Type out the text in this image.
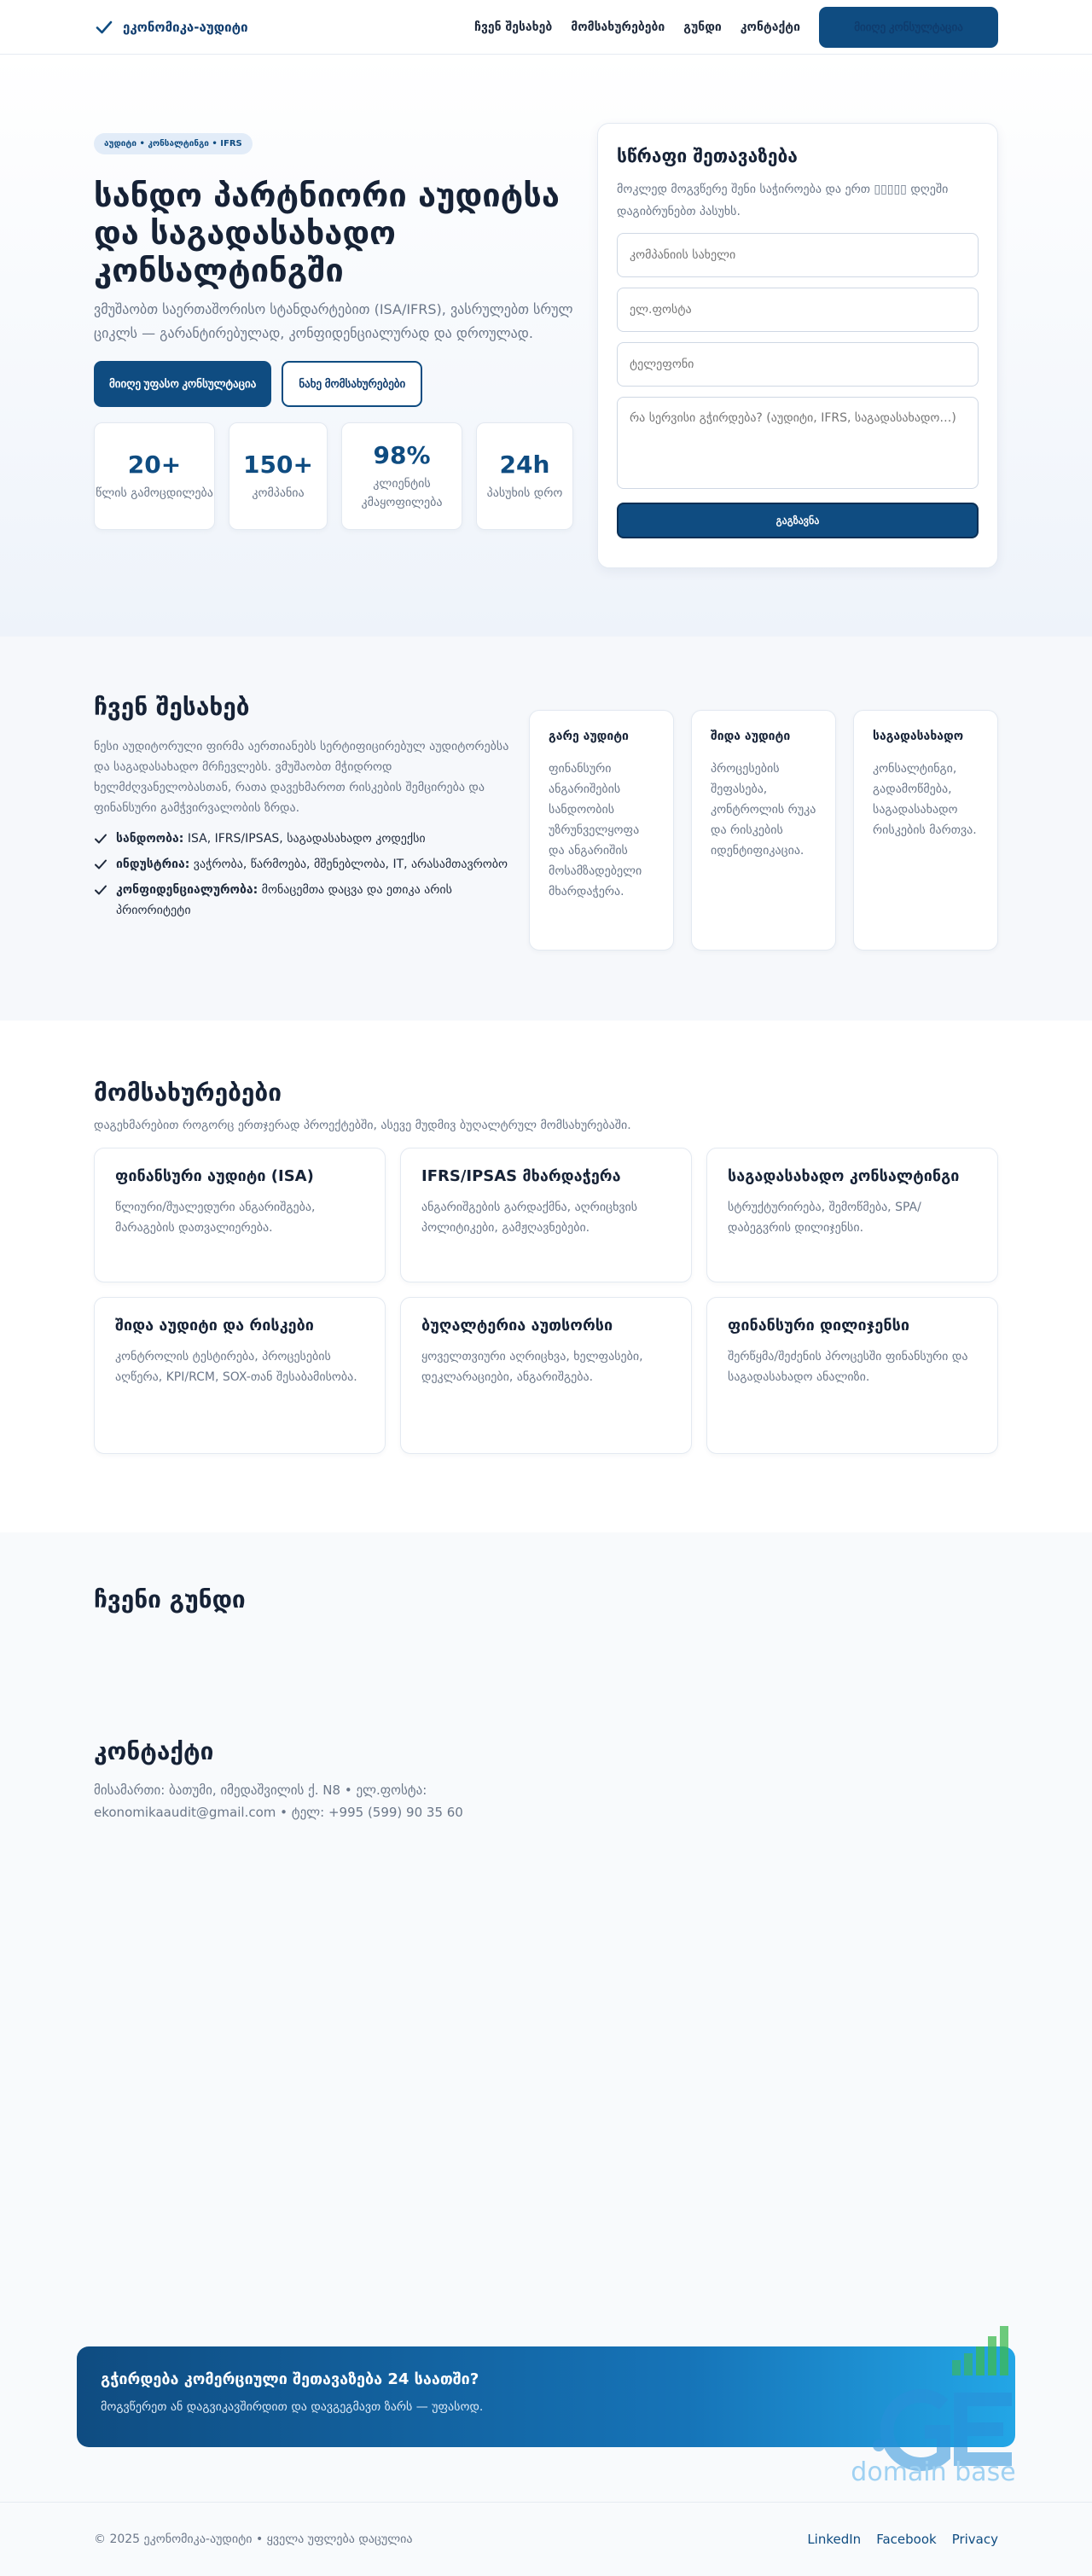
ეკონომიკა-აუდიტი	ჩვენ შესახებ მომსახურებები გუნდი კონტაქტი	მიიღე კონსულტაცია
აუდიტი • კონსალტინგი • IFRS
სანდო პარტნიორი აუდიტსა და საგადასახადო კონსალტინგში

ვმუშაობთ საერთაშორისო სტანდარტებით (ISA/IFRS), ვასრულებთ სრულ ციკლს — გარანტირებულად, კონფიდენციალურად და დროულად.

მიიღე უფასო კონსულტაცია	ნახე მომსახურებები
20+
წლის გამოცდილება
150+
კომპანია
98%
კლიენტის კმაყოფილება
24h
პასუხის დრო
სწრაფი შეთავაზება

მოკლედ მოგვწერე შენი საჭიროება და ერთ ▯▯▯▯▯ დღეში დაგიბრუნებთ პასუხს.

კომპანიის სახელი ელ.ფოსტა ტელეფონი რა სერვისი გჭირდება? (აუდიტი, IFRS, საგადასახადო…) გაგზავნა
ჩვენ შესახებ

ნესი აუდიტორული ფირმა აერთიანებს სერტიფიცირებულ აუდიტორებსა და საგადასახადო მრჩევლებს. ვმუშაობთ მჭიდროდ ხელმძღვანელობასთან, რათა დავეხმაროთ რისკების შემცირება და ფინანსური გამჭვირვალობის ზრდა.

სანდოობა: ISA, IFRS/IPSAS, საგადასახადო კოდექსი
ინდუსტრია: ვაჭრობა, წარმოება, მშენებლობა, IT, არასამთავრობო
კონფიდენციალურობა: მონაცემთა დაცვა და ეთიკა არის პრიორიტეტი
გარე აუდიტი

ფინანსური ანგარიშების სანდოობის უზრუნველყოფა და ანგარიშის მოსამზადებელი მხარდაჭერა.

შიდა აუდიტი

პროცესების შეფასება, კონტროლის რუკა და რისკების იდენტიფიკაცია.

საგადასახადო

კონსალტინგი, გადამოწმება, საგადასახადო რისკების მართვა.

მომსახურებები

დაგეხმარებით როგორც ერთჯერად პროექტებში, ასევე მუდმივ ბუღალტრულ მომსახურებაში.

ფინანსური აუდიტი (ISA)

წლიური/შუალედური ანგარიშგება, მარაგების დათვალიერება.

IFRS/IPSAS მხარდაჭერა

ანგარიშგების გარდაქმნა, აღრიცხვის პოლიტიკები, გამჟღავნებები.

საგადასახადო კონსალტინგი

სტრუქტურირება, შემოწმება, SPA/დაბეგვრის დილიჯენსი.

შიდა აუდიტი და რისკები

კონტროლის ტესტირება, პროცესების აღწერა, KPI/RCM, SOX-თან შესაბამისობა.

ბუღალტერია აუთსორსი

ყოველთვიური აღრიცხვა, ხელფასები, დეკლარაციები, ანგარიშგება.

ფინანსური დილიჯენსი

შერწყმა/შეძენის პროცესში ფინანსური და საგადასახადო ანალიზი.

ჩვენი გუნდი
კონტაქტი

მისამართი: ბათუმი, იმედაშვილის ქ. N8 • ელ.ფოსტა: ekonomikaaudit@gmail.com • ტელ: +995 (599) 90 35 60

გჭირდება კომერციული შეთავაზება 24 საათში?

მოგვწერეთ ან დაგვიკავშირდით და დავგეგმავთ ზარს — უფასოდ.

domain base
© 2025 ეკონომიკა-აუდიტი • ყველა უფლება დაცულია	LinkedIn Facebook Privacy
